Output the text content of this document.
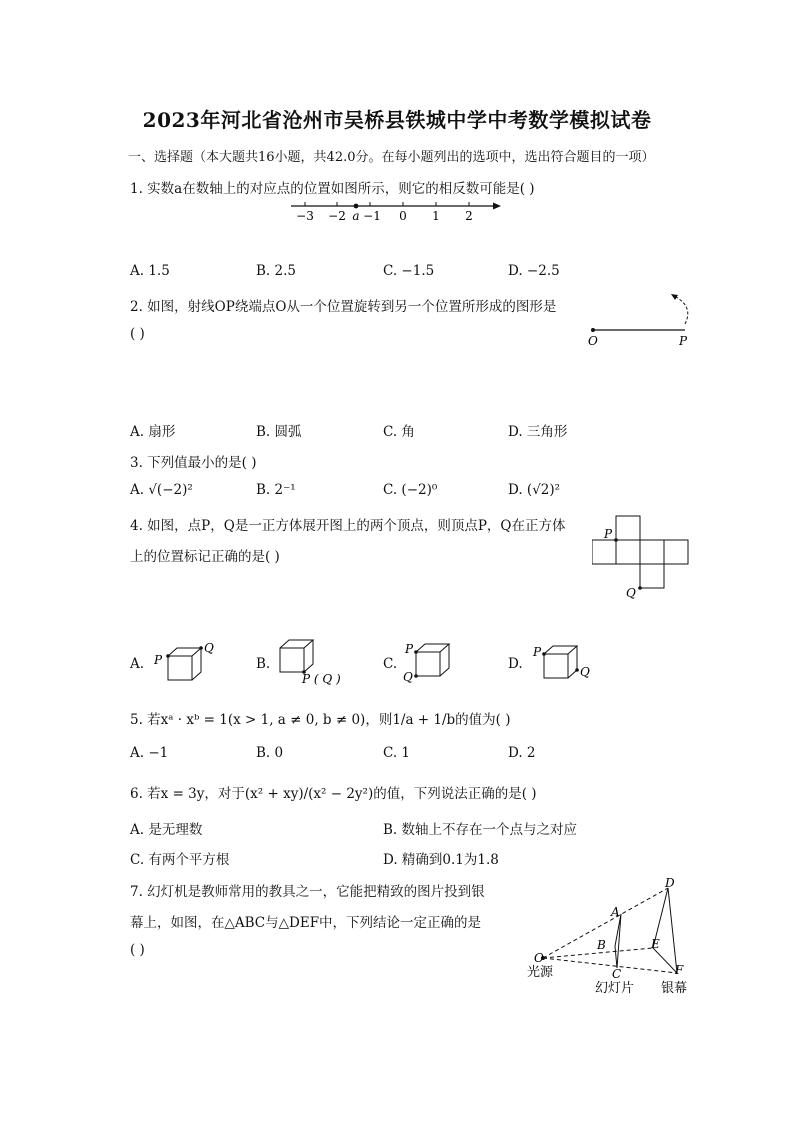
2023年河北省沧州市吴桥县铁城中学中考数学模拟试卷
一、选择题（本大题共16小题，共42.0分。在每小题列出的选项中，选出符合题目的一项）
1. 实数a在数轴上的对应点的位置如图所示，则它的相反数可能是( )
−3 −2 a −1 0 1 2
A. 1.5	B. 2.5	C. −1.5	D. −2.5
2. 如图，射线OP绕端点O从一个位置旋转到另一个位置所形成的图形是
( )	O	P
A. 扇形	B. 圆弧	C. 角	D. 三角形
3. 下列值最小的是( )
A. √(−2)²	B. 2⁻¹	C. (−2)⁰	D. (√2)²
4. 如图，点P，Q是一正方体展开图上的两个顶点，则顶点P，Q在正方体
上的位置标记正确的是( )
P
Q
A. P
Q
B.
P ( Q )
C.
P
Q
D.
P
Q
5. 若xᵃ · xᵇ = 1(x > 1, a ≠ 0, b ≠ 0)，则1/a + 1/b的值为( )
A. −1	B. 0	C. 1	D. 2
6. 若x = 3y，对于(x² + xy)/(x² − 2y²)的值，下列说法正确的是( )
A. 是无理数	B. 数轴上不存在一个点与之对应
C. 有两个平方根	D. 精确到0.1为1.8
7. 幻灯机是教师常用的教具之一，它能把精致的图片投到银
幕上，如图，在△ABC与△DEF中，下列结论一定正确的是
( )
D
A
B	E
O
C	F
光源
幻灯片 银幕
